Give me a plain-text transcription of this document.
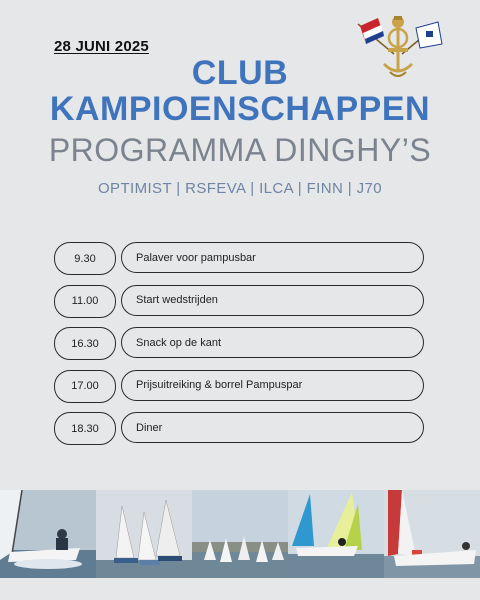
28 JUNI 2025
CLUB
KAMPIOENSCHAPPEN
PROGRAMMA DINGHY’S
OPTIMIST | RSFEVA | ILCA | FINN | J70
9.30	Palaver voor pampusbar
11.00	Start wedstrijden
16.30	Snack op de kant
17.00	Prijsuitreiking & borrel Pampuspar
18.30	Diner
